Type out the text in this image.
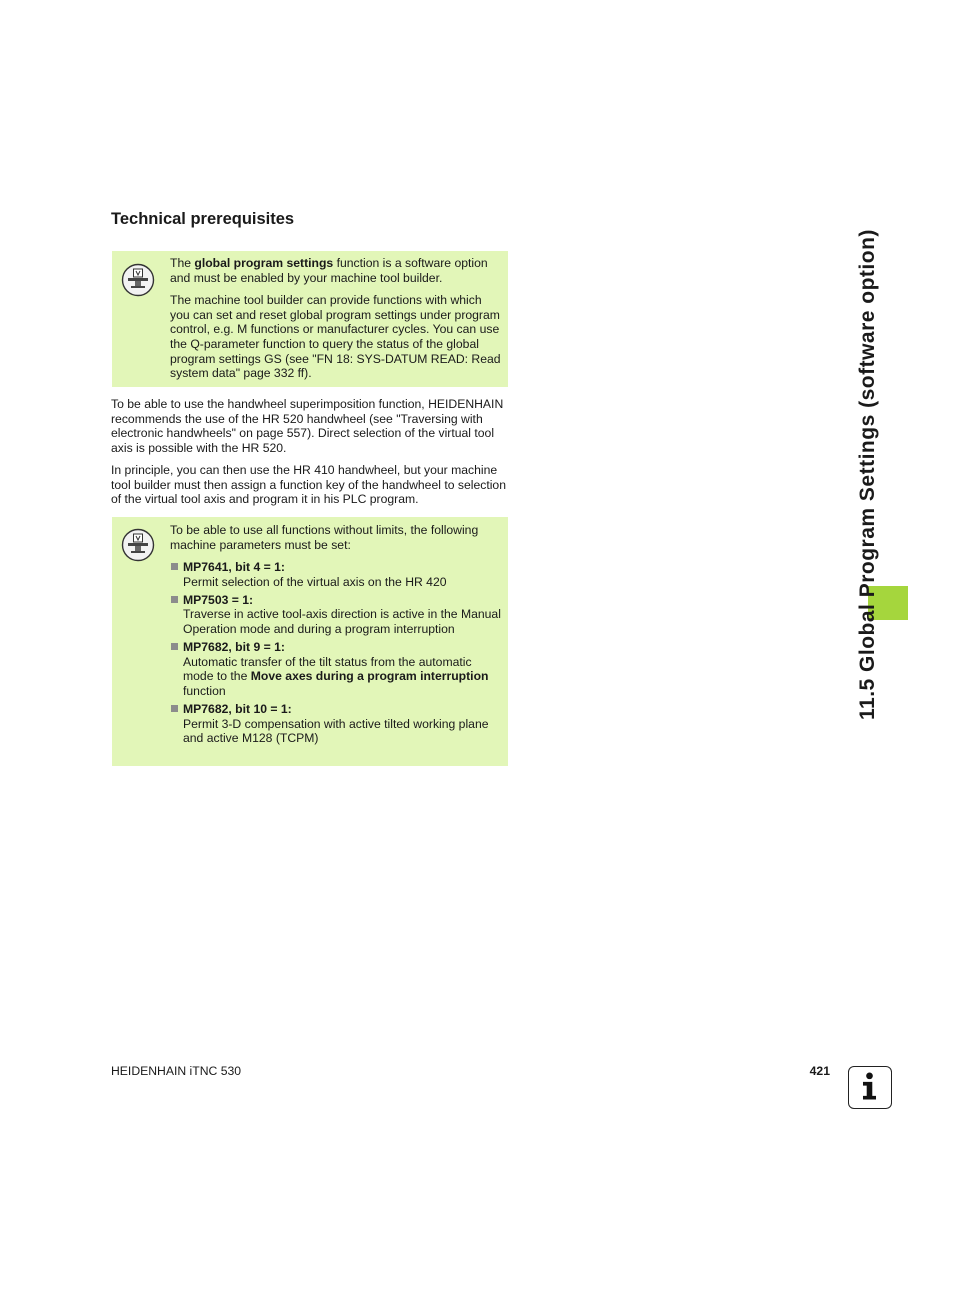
Technical prerequisites

The global program settings function is a software option and must be enabled by your machine tool builder.

The machine tool builder can provide functions with which you can set and reset global program settings under program control, e.g. M functions or manufacturer cycles. You can use the Q-parameter function to query the status of the global program settings GS (see "FN 18: SYS-DATUM READ: Read system data" page 332 ff).

To be able to use the handwheel superimposition function, HEIDENHAIN recommends the use of the HR 520 handwheel (see "Traversing with electronic handwheels" on page 557). Direct selection of the virtual tool axis is possible with the HR 520.

In principle, you can then use the HR 410 handwheel, but your machine tool builder must then assign a function key of the handwheel to selection of the virtual tool axis and program it in his PLC program.

To be able to use all functions without limits, the following machine parameters must be set:

MP7641, bit 4 = 1:
Permit selection of the virtual axis on the HR 420
MP7503 = 1:
Traverse in active tool-axis direction is active in the Manual Operation mode and during a program interruption
MP7682, bit 9 = 1:
Automatic transfer of the tilt status from the automatic mode to the Move axes during a program interruption function
MP7682, bit 10 = 1:
Permit 3-D compensation with active tilted working plane and active M128 (TCPM)
11.5 Global Program Settings (software option)

HEIDENHAIN iTNC 530	421
